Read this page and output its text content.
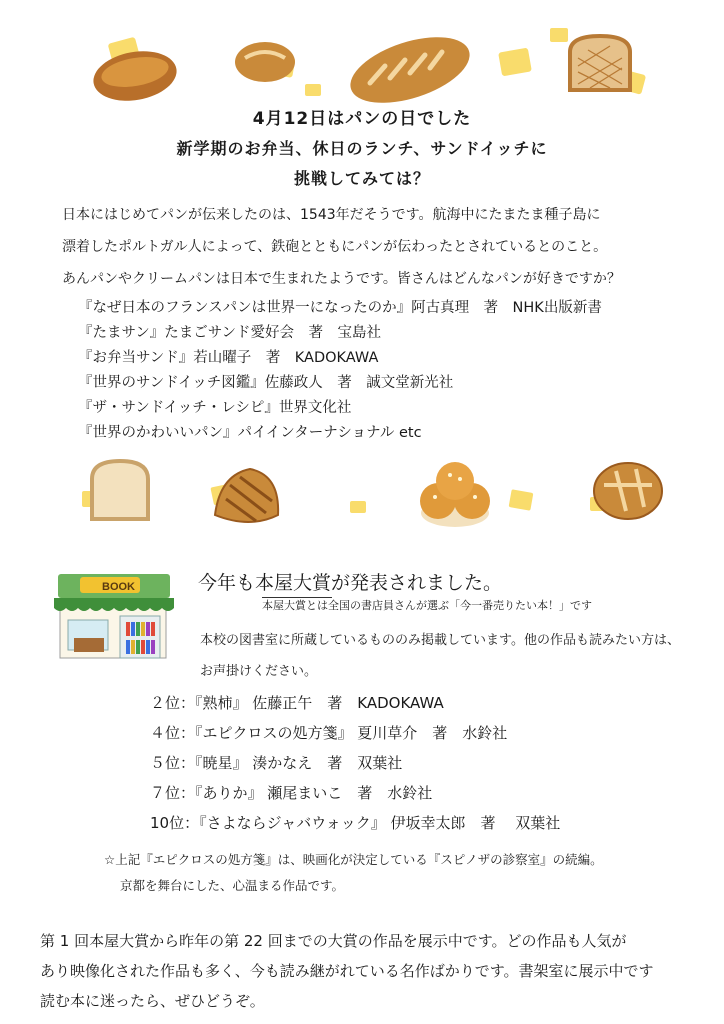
4月12日はパンの日でした
新学期のお弁当、休日のランチ、サンドイッチに
挑戦してみては？
日本にはじめてパンが伝来したのは、1543年だそうです。航海中にたまたま種子島に
漂着したポルトガル人によって、鉄砲とともにパンが伝わったとされているとのこと。
あんパンやクリームパンは日本で生まれたようです。皆さんはどんなパンが好きですか？
『なぜ日本のフランスパンは世界一になったのか』阿古真理　著　NHK出版新書
『たまサン』たまごサンド愛好会　著　宝島社
『お弁当サンド』若山曜子　著　KADOKAWA
『世界のサンドイッチ図鑑』佐藤政人　著　誠文堂新光社
『ザ・サンドイッチ・レシピ』世界文化社
『世界のかわいいパン』パイインターナショナル etc
BOOK	今年も本屋大賞が発表されました。
本屋大賞とは全国の書店員さんが選ぶ「今一番売りたい本！」です
本校の図書室に所蔵しているもののみ掲載しています。他の作品も読みたい方は、
お声掛けください。
２位：『熟柿』 佐藤正午　著　KADOKAWA
４位：『エピクロスの処方箋』 夏川草介　著　水鈴社
５位：『暁星』 湊かなえ　著　双葉社
７位：『ありか』 瀬尾まいこ　著　水鈴社
10位：『さよならジャバウォック』 伊坂幸太郎　著　 双葉社
☆上記『エピクロスの処方箋』は、映画化が決定している『スピノザの診察室』の続編。
京都を舞台にした、心温まる作品です。
第 1 回本屋大賞から昨年の第 22 回までの大賞の作品を展示中です。どの作品も人気が
あり映像化された作品も多く、今も読み継がれている名作ばかりです。書架室に展示中です
読む本に迷ったら、ぜひどうぞ。
